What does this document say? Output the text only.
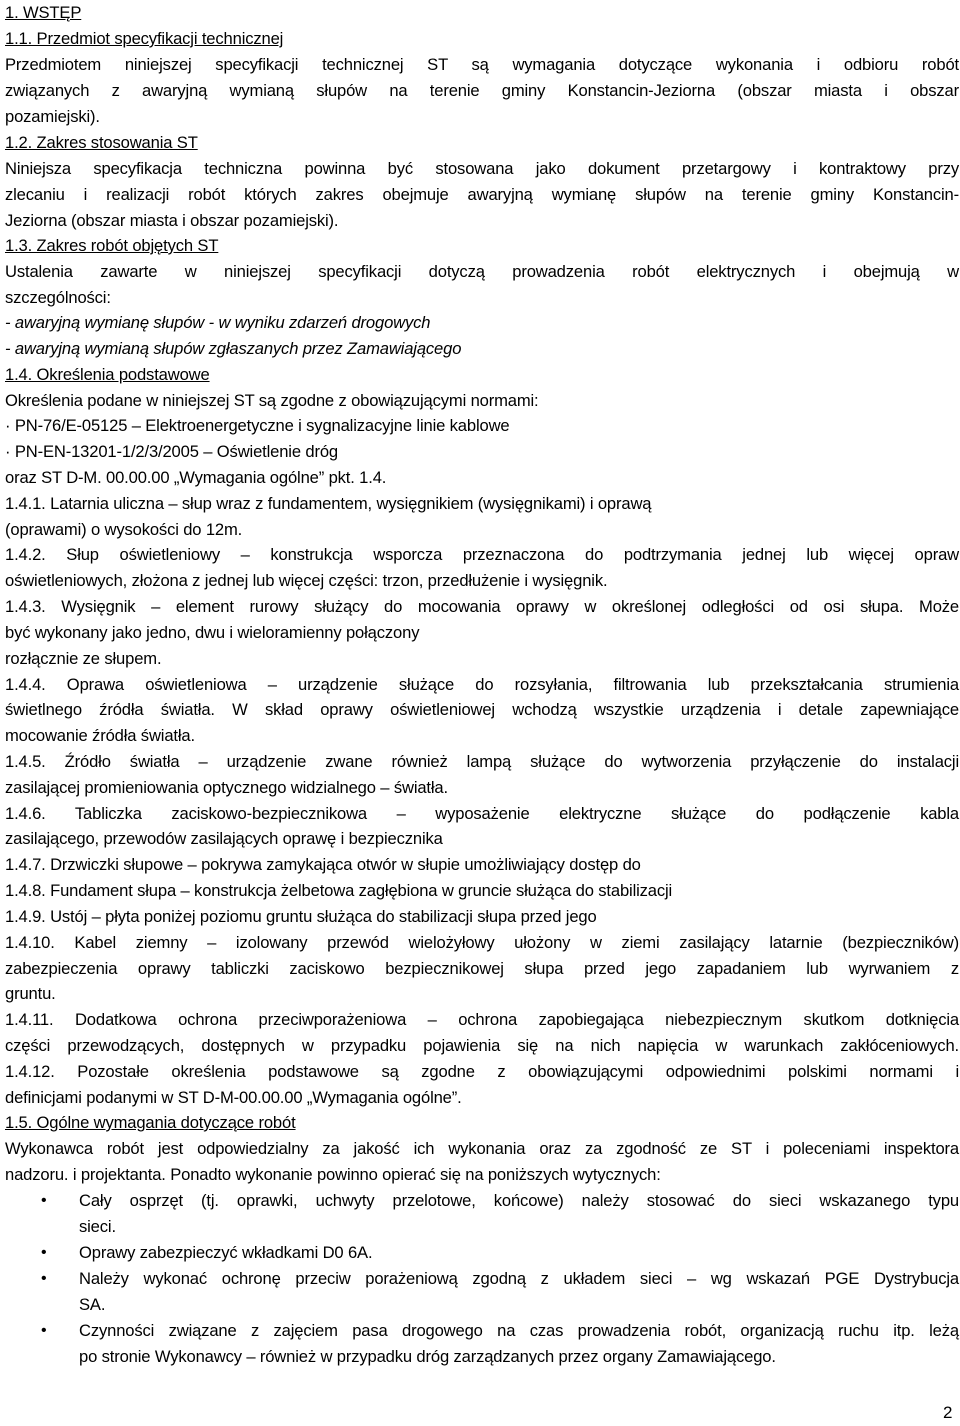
1. WSTĘP
1.1. Przedmiot specyfikacji technicznej
Przedmiotem niniejszej specyfikacji technicznej ST są wymagania dotyczące wykonania i odbioru robót
związanych z awaryjną wymianą słupów na terenie gminy Konstancin-Jeziorna (obszar miasta i obszar
pozamiejski).
1.2. Zakres stosowania ST
Niniejsza specyfikacja techniczna powinna być stosowana jako dokument przetargowy i kontraktowy przy
zlecaniu i realizacji robót których zakres obejmuje awaryjną wymianę słupów na terenie gminy Konstancin-
Jeziorna (obszar miasta i obszar pozamiejski).
1.3. Zakres robót objętych ST
Ustalenia zawarte w niniejszej specyfikacji dotyczą prowadzenia robót elektrycznych i obejmują w
szczególności:
- awaryjną wymianę słupów - w wyniku zdarzeń drogowych
- awaryjną wymianą słupów zgłaszanych przez Zamawiającego
1.4. Określenia podstawowe
Określenia podane w niniejszej ST są zgodne z obowiązującymi normami:
· PN-76/E-05125 – Elektroenergetyczne i sygnalizacyjne linie kablowe
· PN-EN-13201-1/2/3/2005 – Oświetlenie dróg
oraz ST D-M. 00.00.00 „Wymagania ogólne” pkt. 1.4.
1.4.1. Latarnia uliczna – słup wraz z fundamentem, wysięgnikiem (wysięgnikami) i oprawą
(oprawami) o wysokości do 12m.
1.4.2. Słup oświetleniowy – konstrukcja wsporcza przeznaczona do podtrzymania jednej lub więcej opraw
oświetleniowych, złożona z jednej lub więcej części: trzon, przedłużenie i wysięgnik.
1.4.3. Wysięgnik – element rurowy służący do mocowania oprawy w określonej odległości od osi słupa. Może
być wykonany jako jedno, dwu i wieloramienny połączony
rozłącznie ze słupem.
1.4.4. Oprawa oświetleniowa – urządzenie służące do rozsyłania, filtrowania lub przekształcania strumienia
świetlnego źródła światła. W skład oprawy oświetleniowej wchodzą wszystkie urządzenia i detale zapewniające
mocowanie źródła światła.
1.4.5. Źródło światła – urządzenie zwane również lampą służące do wytworzenia przyłączenie do instalacji
zasilającej promieniowania optycznego widzialnego – światła.
1.4.6. Tabliczka zaciskowo-bezpiecznikowa – wyposażenie elektryczne służące do podłączenie kabla
zasilającego, przewodów zasilających oprawę i bezpiecznika
1.4.7. Drzwiczki słupowe – pokrywa zamykająca otwór w słupie umożliwiający dostęp do
1.4.8. Fundament słupa – konstrukcja żelbetowa zagłębiona w gruncie służąca do stabilizacji
1.4.9. Ustój – płyta poniżej poziomu gruntu służąca do stabilizacji słupa przed jego
1.4.10. Kabel ziemny – izolowany przewód wielożyłowy ułożony w ziemi zasilający latarnie (bezpieczników)
zabezpieczenia oprawy tabliczki zaciskowo bezpiecznikowej słupa przed jego zapadaniem lub wyrwaniem z
gruntu.
1.4.11. Dodatkowa ochrona przeciwporażeniowa – ochrona zapobiegająca niebezpiecznym skutkom dotknięcia
części przewodzących, dostępnych w przypadku pojawienia się na nich napięcia w warunkach zakłóceniowych.
1.4.12. Pozostałe określenia podstawowe są zgodne z obowiązującymi odpowiednimi polskimi normami i
definicjami podanymi w ST D-M-00.00.00 „Wymagania ogólne”.
1.5. Ogólne wymagania dotyczące robót
Wykonawca robót jest odpowiedzialny za jakość ich wykonania oraz za zgodność ze ST i poleceniami inspektora
nadzoru. i projektanta. Ponadto wykonanie powinno opierać się na poniższych wytycznych:
• Cały osprzęt (tj. oprawki, uchwyty przelotowe, końcowe) należy stosować do sieci wskazanego typu
sieci.
• Oprawy zabezpieczyć wkładkami D0 6A.
• Należy wykonać ochronę przeciw porażeniową zgodną z układem sieci – wg wskazań PGE Dystrybucja
SA.
• Czynności związane z zajęciem pasa drogowego na czas prowadzenia robót, organizacją ruchu itp. leżą
po stronie Wykonawcy – również w przypadku dróg zarządzanych przez organy Zamawiającego.
2
